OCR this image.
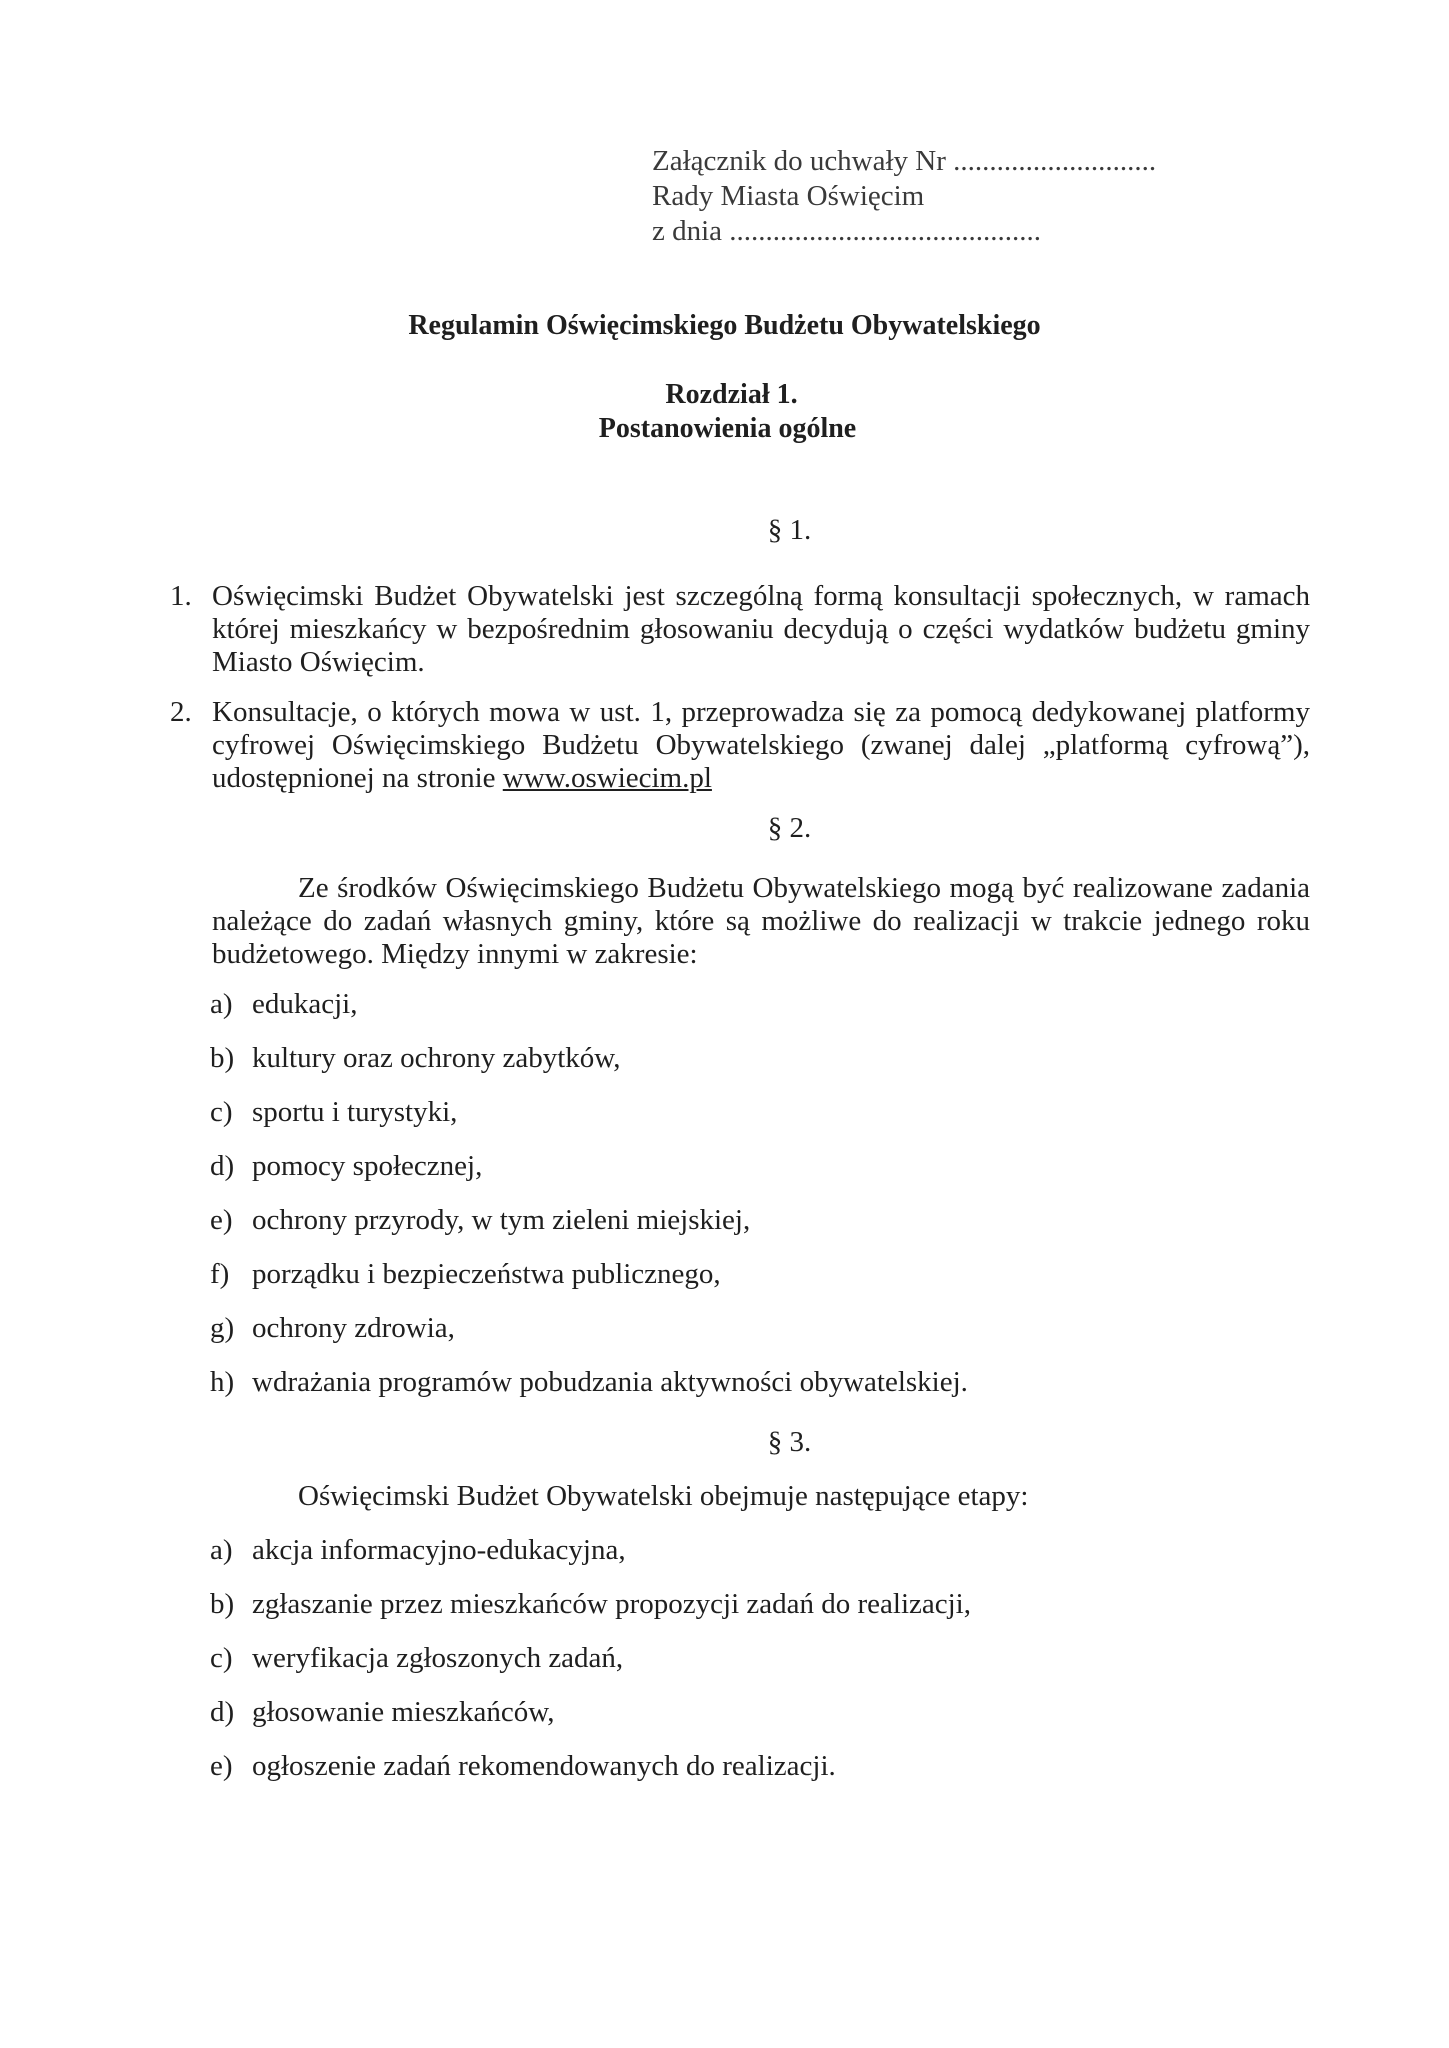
Załącznik do uchwały Nr ............................
Rady Miasta Oświęcim
z dnia ...........................................
Regulamin Oświęcimskiego Budżetu Obywatelskiego
Rozdział 1.
Postanowienia ogólne
§ 1.
1. Oświęcimski Budżet Obywatelski jest szczególną formą konsultacji społecznych, w ramach której mieszkańcy w bezpośrednim głosowaniu decydują o części wydatków budżetu gminy Miasto Oświęcim.
2. Konsultacje, o których mowa w ust. 1, przeprowadza się za pomocą dedykowanej platformy cyfrowej Oświęcimskiego Budżetu Obywatelskiego (zwanej dalej „platformą cyfrową”), udostępnionej na stronie www.oswiecim.pl
§ 2.
Ze środków Oświęcimskiego Budżetu Obywatelskiego mogą być realizowane zadania należące do zadań własnych gminy, które są możliwe do realizacji w trakcie jednego roku budżetowego. Między innymi w zakresie:
a) edukacji,
b) kultury oraz ochrony zabytków,
c) sportu i turystyki,
d) pomocy społecznej,
e) ochrony przyrody, w tym zieleni miejskiej,
f) porządku i bezpieczeństwa publicznego,
g) ochrony zdrowia,
h) wdrażania programów pobudzania aktywności obywatelskiej.
§ 3.
Oświęcimski Budżet Obywatelski obejmuje następujące etapy:
a) akcja informacyjno-edukacyjna,
b) zgłaszanie przez mieszkańców propozycji zadań do realizacji,
c) weryfikacja zgłoszonych zadań,
d) głosowanie mieszkańców,
e) ogłoszenie zadań rekomendowanych do realizacji.
